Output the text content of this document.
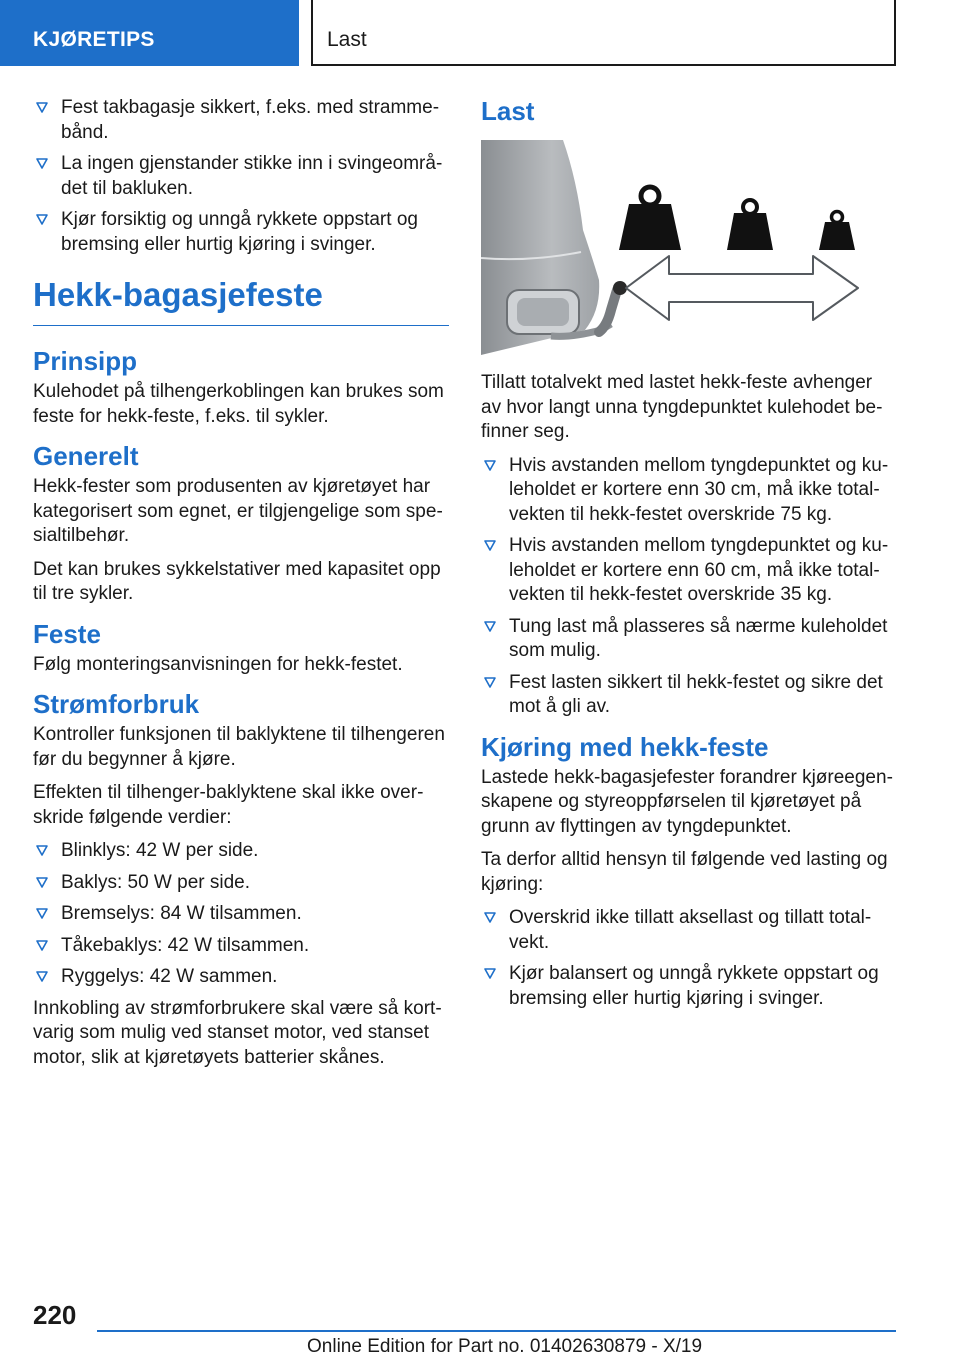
KJØRETIPS	Last
Fest takbagasje sikkert, f.eks. med strammebånd.
La ingen gjenstander stikke inn i svingeområdet til bakluken.
Kjør forsiktig og unngå rykkete oppstart og bremsing eller hurtig kjøring i svinger.
Hekk-bagasjefeste
Prinsipp

Kulehodet på tilhengerkoblingen kan brukes som feste for hekk-feste, f.eks. til sykler.

Generelt

Hekk-fester som produsenten av kjøretøyet har kategorisert som egnet, er tilgjengelige som spesialtilbehør.

Det kan brukes sykkelstativer med kapasitet opp til tre sykler.

Feste

Følg monteringsanvisningen for hekk-festet.

Strømforbruk

Kontroller funksjonen til baklyktene til tilhengeren før du begynner å kjøre.

Effekten til tilhenger-baklyktene skal ikke overskride følgende verdier:

Blinklys: 42 W per side.
Baklys: 50 W per side.
Bremselys: 84 W tilsammen.
Tåkebaklys: 42 W tilsammen.
Ryggelys: 42 W sammen.

Innkobling av strømforbrukere skal være så kortvarig som mulig ved stanset motor, ved stanset motor, slik at kjøretøyets batterier skånes.

Last

Tillatt totalvekt med lastet hekk-feste avhenger av hvor langt unna tyngdepunktet kulehodet befinner seg.

Hvis avstanden mellom tyngdepunktet og kuleholdet er kortere enn 30 cm, må ikke totalvekten til hekk-festet overskride 75 kg.
Hvis avstanden mellom tyngdepunktet og kuleholdet er kortere enn 60 cm, må ikke totalvekten til hekk-festet overskride 35 kg.
Tung last må plasseres så nærme kuleholdet som mulig.
Fest lasten sikkert til hekk-festet og sikre det mot å gli av.
Kjøring med hekk-feste

Lastede hekk-bagasjefester forandrer kjøreegenskapene og styreoppførselen til kjøretøyet på grunn av flyttingen av tyngdepunktet.

Ta derfor alltid hensyn til følgende ved lasting og kjøring:

Overskrid ikke tillatt aksellast og tillatt totalvekt.
Kjør balansert og unngå rykkete oppstart og bremsing eller hurtig kjøring i svinger.
220
Online Edition for Part no. 01402630879 - X/19
